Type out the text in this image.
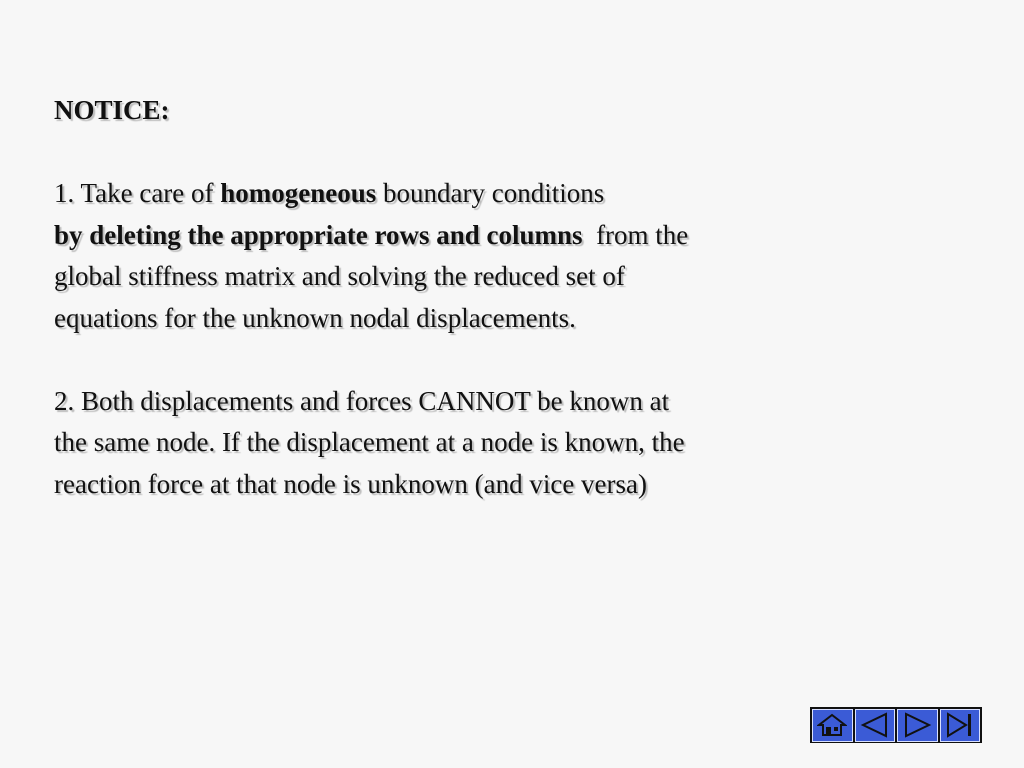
NOTICE:

1. Take care of homogeneous boundary conditions
by deleting the appropriate rows and columns  from the
global stiffness matrix and solving the reduced set of
equations for the unknown nodal displacements.

2. Both displacements and forces CANNOT be known at
the same node. If the displacement at a node is known, the
reaction force at that node is unknown (and vice versa)
